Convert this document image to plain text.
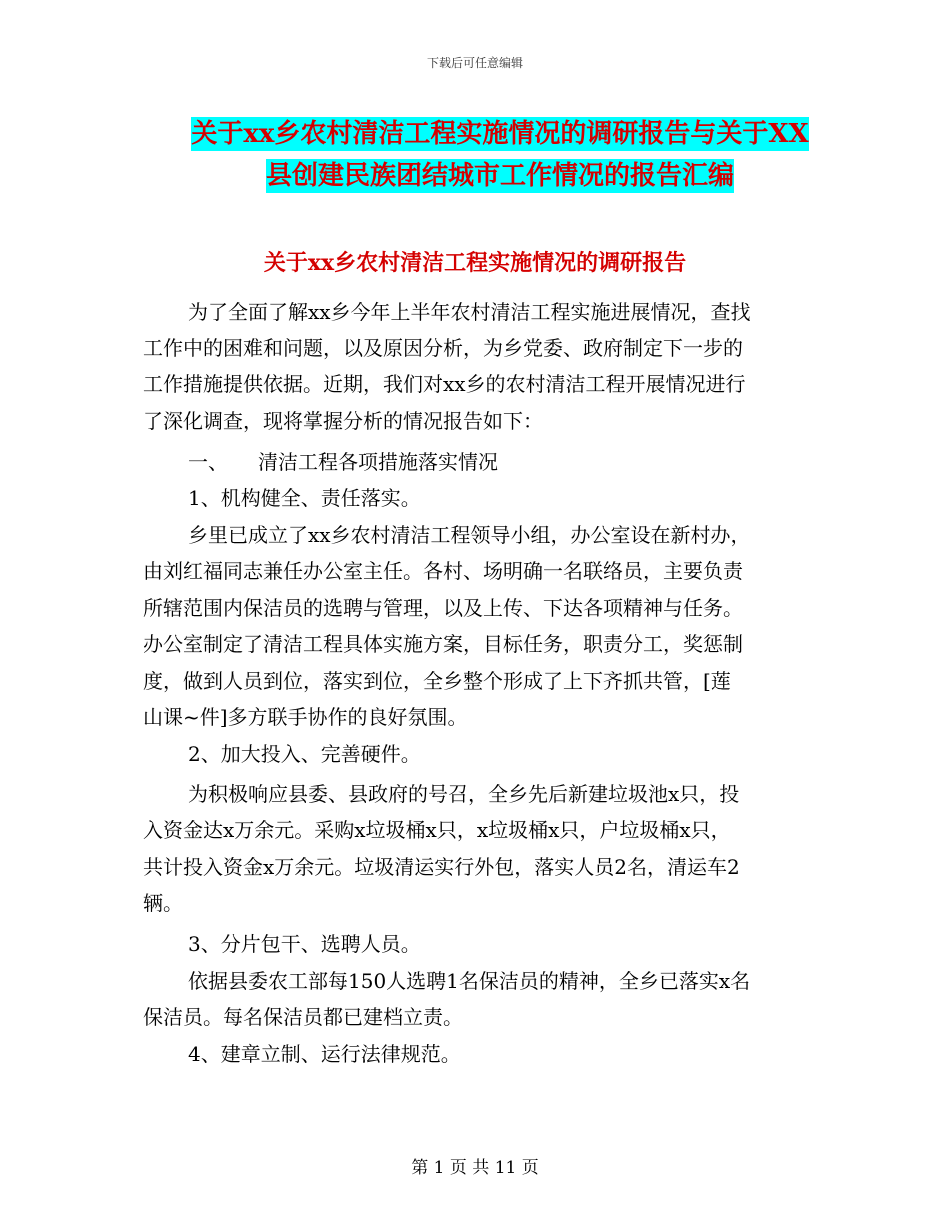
下载后可任意编辑
关于xx乡农村清洁工程实施情况的调研报告与关于XX
县创建民族团结城市工作情况的报告汇编
关于xx乡农村清洁工程实施情况的调研报告
为了全面了解xx乡今年上半年农村清洁工程实施进展情况，查找
工作中的困难和问题，以及原因分析，为乡党委、政府制定下一步的
工作措施提供依据。近期，我们对xx乡的农村清洁工程开展情况进行
了深化调查，现将掌握分析的情况报告如下：
一、　　清洁工程各项措施落实情况
1、机构健全、责任落实。
乡里已成立了xx乡农村清洁工程领导小组，办公室设在新村办，
由刘红福同志兼任办公室主任。各村、场明确一名联络员，主要负责
所辖范围内保洁员的选聘与管理，以及上传、下达各项精神与任务。
办公室制定了清洁工程具体实施方案，目标任务，职责分工，奖惩制
度，做到人员到位，落实到位，全乡整个形成了上下齐抓共管，[莲
山课~件]多方联手协作的良好氛围。
2、加大投入、完善硬件。
为积极响应县委、县政府的号召，全乡先后新建垃圾池x只，投
入资金达x万余元。采购x垃圾桶x只，x垃圾桶x只，户垃圾桶x只，
共计投入资金x万余元。垃圾清运实行外包，落实人员2名，清运车2
辆。
3、分片包干、选聘人员。
依据县委农工部每150人选聘1名保洁员的精神，全乡已落实x名
保洁员。每名保洁员都已建档立责。
4、建章立制、运行法律规范。
第 1 页 共 11 页
